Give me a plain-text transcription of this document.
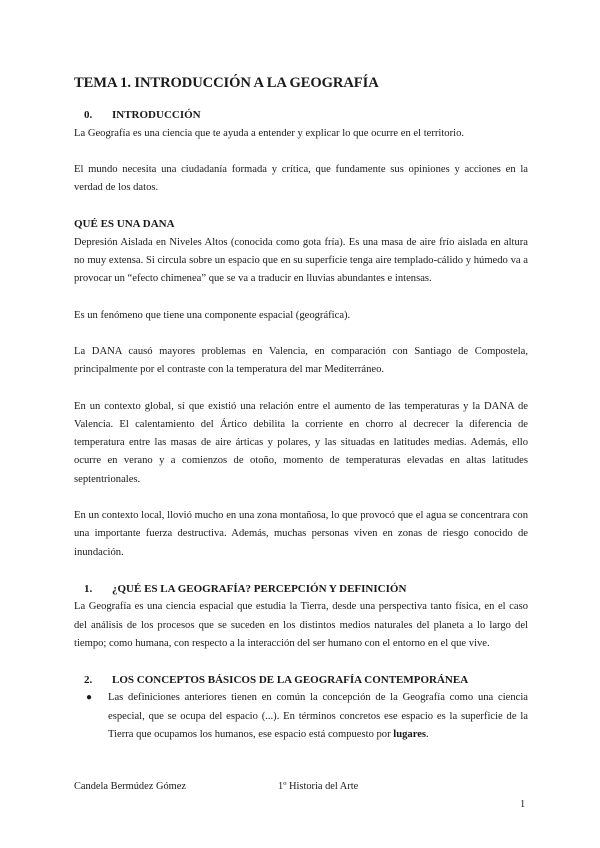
TEMA 1. INTRODUCCIÓN A LA GEOGRAFÍA
0.	INTRODUCCIÓN

La Geografía es una ciencia que te ayuda a entender y explicar lo que ocurre en el territorio.

El mundo necesita una ciudadanía formada y crítica, que fundamente sus opiniones y acciones en la verdad de los datos.

QUÉ ES UNA DANA

Depresión Aislada en Niveles Altos (conocida como gota fría). Es una masa de aire frío aislada en altura no muy extensa. Si circula sobre un espacio que en su superficie tenga aire templado-cálido y húmedo va a provocar un “efecto chimenea” que se va a traducir en lluvias abundantes e intensas.

Es un fenómeno que tiene una componente espacial (geográfica).

La DANA causó mayores problemas en Valencia, en comparación con Santiago de Compostela, principalmente por el contraste con la temperatura del mar Mediterráneo.

En un contexto global, sí que existió una relación entre el aumento de las temperaturas y la DANA de Valencia. El calentamiento del Ártico debilita la corriente en chorro al decrecer la diferencia de temperatura entre las masas de aire árticas y polares, y las situadas en latitudes medias. Además, ello ocurre en verano y a comienzos de otoño, momento de temperaturas elevadas en altas latitudes septentrionales.

En un contexto local, llovió mucho en una zona montañosa, lo que provocó que el agua se concentrara con una importante fuerza destructiva. Además, muchas personas viven en zonas de riesgo conocido de inundación.

1.	¿QUÉ ES LA GEOGRAFÍA? PERCEPCIÓN Y DEFINICIÓN

La Geografía es una ciencia espacial que estudia la Tierra, desde una perspectiva tanto física, en el caso del análisis de los procesos que se suceden en los distintos medios naturales del planeta a lo largo del tiempo; como humana, con respecto a la interacción del ser humano con el entorno en el que vive.

2.	LOS CONCEPTOS BÁSICOS DE LA GEOGRAFÍA CONTEMPORÁNEA
● Las definiciones anteriores tienen en común la concepción de la Geografía como una ciencia especial, que se ocupa del espacio (...). En términos concretos ese espacio es la superficie de la Tierra que ocupamos los humanos, ese espacio está compuesto por lugares.
Candela Bermúdez Gómez	1º Historia del Arte
1
